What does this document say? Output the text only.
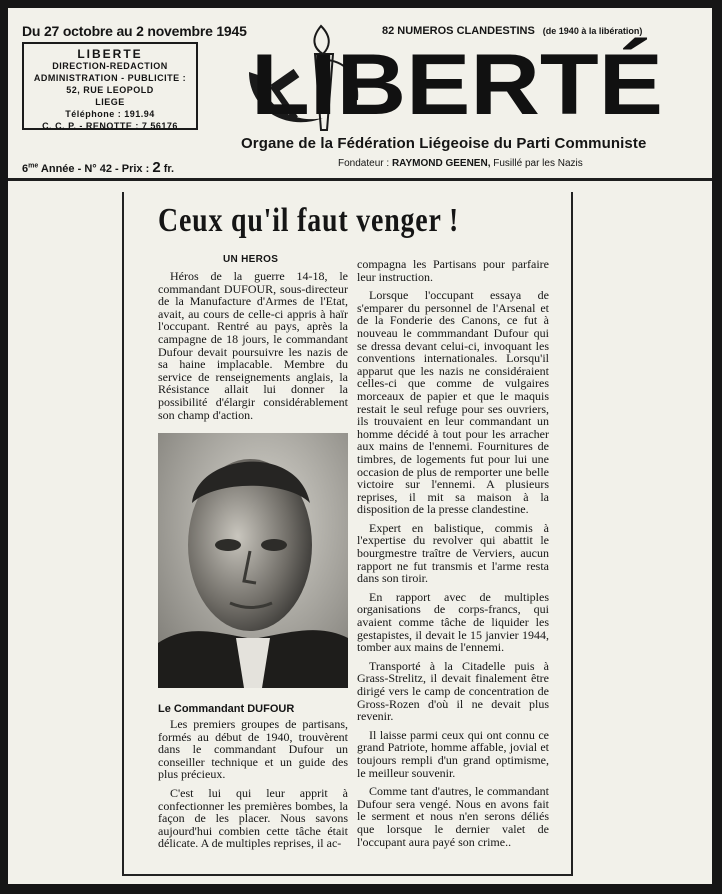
Du 27 octobre au 2 novembre 1945	82 NUMEROS CLANDESTINS (de 1940 à la libération)
LIBERTE
DIRECTION-REDACTION
ADMINISTRATION - PUBLICITE :
52, RUE LEOPOLD
LIEGE
Téléphone : 191.94
C. C. P. - RENOTTE : 7 56176
$6^{me}$ Année - N° 42 - Prix : 2 fr.
LIBERTÉ
Organe de la Fédération Liégeoise du Parti Communiste
Fondateur : RAYMOND GEENEN, Fusillé par les Nazis
Ceux qu'il faut venger !
UN HEROS

Héros de la guerre 14-18, le commandant DUFOUR, sous-directeur de la Manufacture d'Armes de l'Etat, avait, au cours de celle-ci appris à haïr l'occupant. Rentré au pays, après la campagne de 18 jours, le commandant Dufour devait poursuivre les nazis de sa haine implacable. Membre du service de renseignements anglais, la Résistance allait lui donner la possibilité d'élargir considérablement son champ d'action.

Le Commandant DUFOUR

Les premiers groupes de partisans, formés au début de 1940, trouvèrent dans le commandant Dufour un conseiller technique et un guide des plus précieux.

C'est lui qui leur apprit à confectionner les premières bombes, la façon de les placer. Nous savons aujourd'hui combien cette tâche était délicate. A de multiples reprises, il ac-

compagna les Partisans pour parfaire leur instruction.

Lorsque l'occupant essaya de s'emparer du personnel de l'Arsenal et de la Fonderie des Canons, ce fut à nouveau le commmandant Dufour qui se dressa devant celui-ci, invoquant les conventions internationales. Lorsqu'il apparut que les nazis ne considéraient celles-ci que comme de vulgaires morceaux de papier et que le maquis restait le seul refuge pour ses ouvriers, ils trouvaient en leur commandant un homme décidé à tout pour les arracher aux mains de l'ennemi. Fournitures de timbres, de logements fut pour lui une occasion de plus de remporter une belle victoire sur l'ennemi. A plusieurs reprises, il mit sa maison à la disposition de la presse clandestine.

Expert en balistique, commis à l'expertise du revolver qui abattit le bourgmestre traître de Verviers, aucun rapport ne fut transmis et l'arme resta dans son tiroir.

En rapport avec de multiples organisations de corps-francs, qui avaient comme tâche de liquider les gestapistes, il devait le 15 janvier 1944, tomber aux mains de l'ennemi.

Transporté à la Citadelle puis à Grass-Strelitz, il devait finalement être dirigé vers le camp de concentration de Gross-Rozen d'où il ne devait plus revenir.

Il laisse parmi ceux qui ont connu ce grand Patriote, homme affable, jovial et toujours rempli d'un grand optimisme, le meilleur souvenir.

Comme tant d'autres, le commandant Dufour sera vengé. Nous en avons fait le serment et nous n'en serons déliés que lorsque le dernier valet de l'occupant aura payé son crime..
